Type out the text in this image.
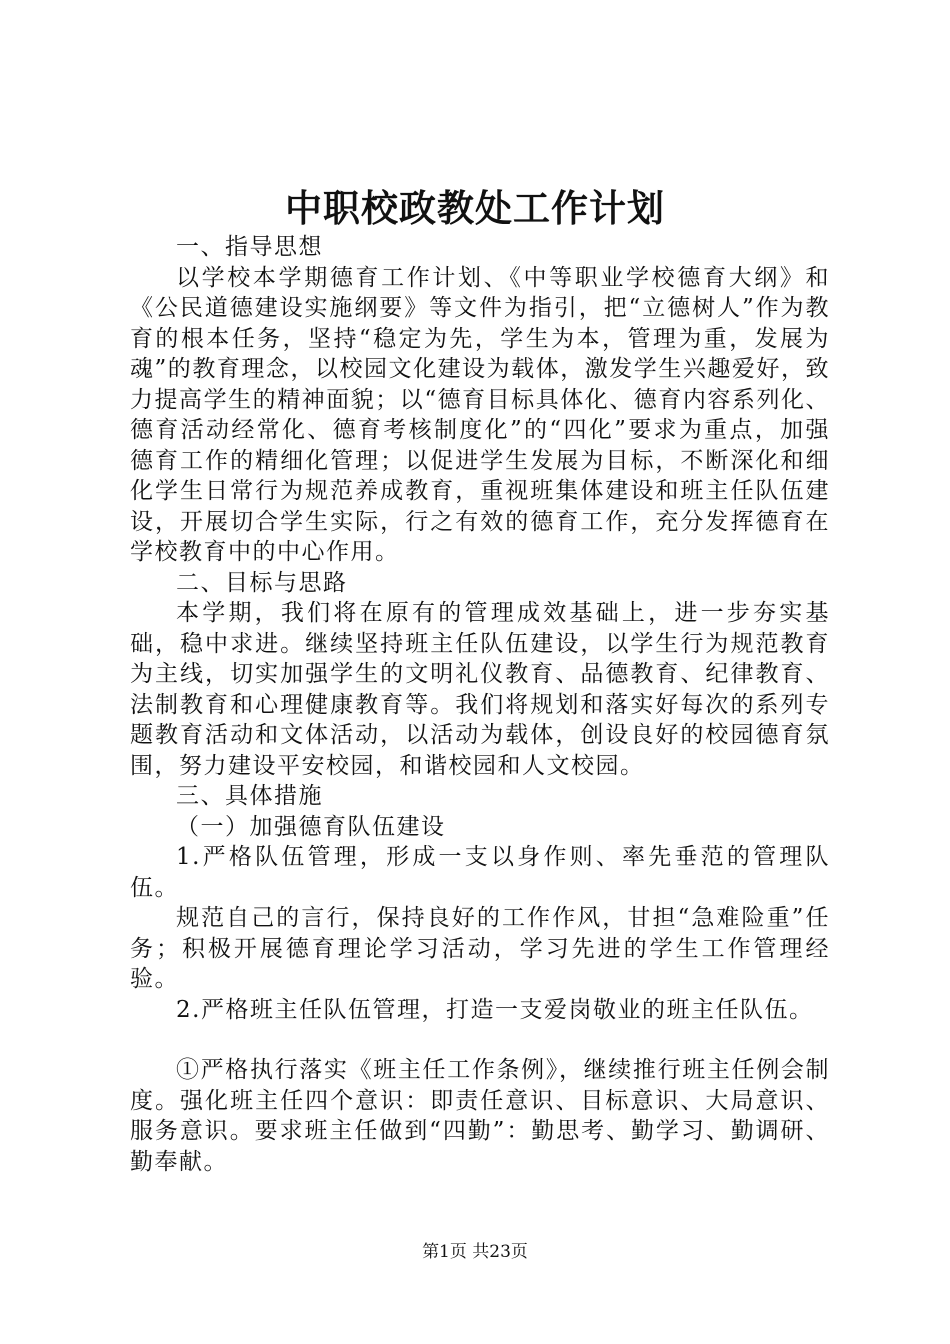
中职校政教处工作计划

一、指导思想

以学校本学期德育工作计划、《中等职业学校德育大纲》和《公民道德建设实施纲要》等文件为指引，把“立德树人”作为教育的根本任务，坚持“稳定为先，学生为本，管理为重，发展为魂”的教育理念，以校园文化建设为载体，激发学生兴趣爱好，致力提高学生的精神面貌；以“德育目标具体化、德育内容系列化、德育活动经常化、德育考核制度化”的“四化”要求为重点，加强德育工作的精细化管理；以促进学生发展为目标，不断深化和细化学生日常行为规范养成教育，重视班集体建设和班主任队伍建设，开展切合学生实际，行之有效的德育工作，充分发挥德育在学校教育中的中心作用。

二、目标与思路

本学期，我们将在原有的管理成效基础上，进一步夯实基础，稳中求进。继续坚持班主任队伍建设，以学生行为规范教育为主线，切实加强学生的文明礼仪教育、品德教育、纪律教育、法制教育和心理健康教育等。我们将规划和落实好每次的系列专题教育活动和文体活动，以活动为载体，创设良好的校园德育氛围，努力建设平安校园，和谐校园和人文校园。

三、具体措施

（一）加强德育队伍建设

1.严格队伍管理，形成一支以身作则、率先垂范的管理队伍。

规范自己的言行，保持良好的工作作风，甘担“急难险重”任务；积极开展德育理论学习活动，学习先进的学生工作管理经验。

2.严格班主任队伍管理，打造一支爱岗敬业的班主任队伍。

①严格执行落实《班主任工作条例》，继续推行班主任例会制度。强化班主任四个意识：即责任意识、目标意识、大局意识、服务意识。要求班主任做到“四勤”：勤思考、勤学习、勤调研、勤奉献。

第1页 共23页
